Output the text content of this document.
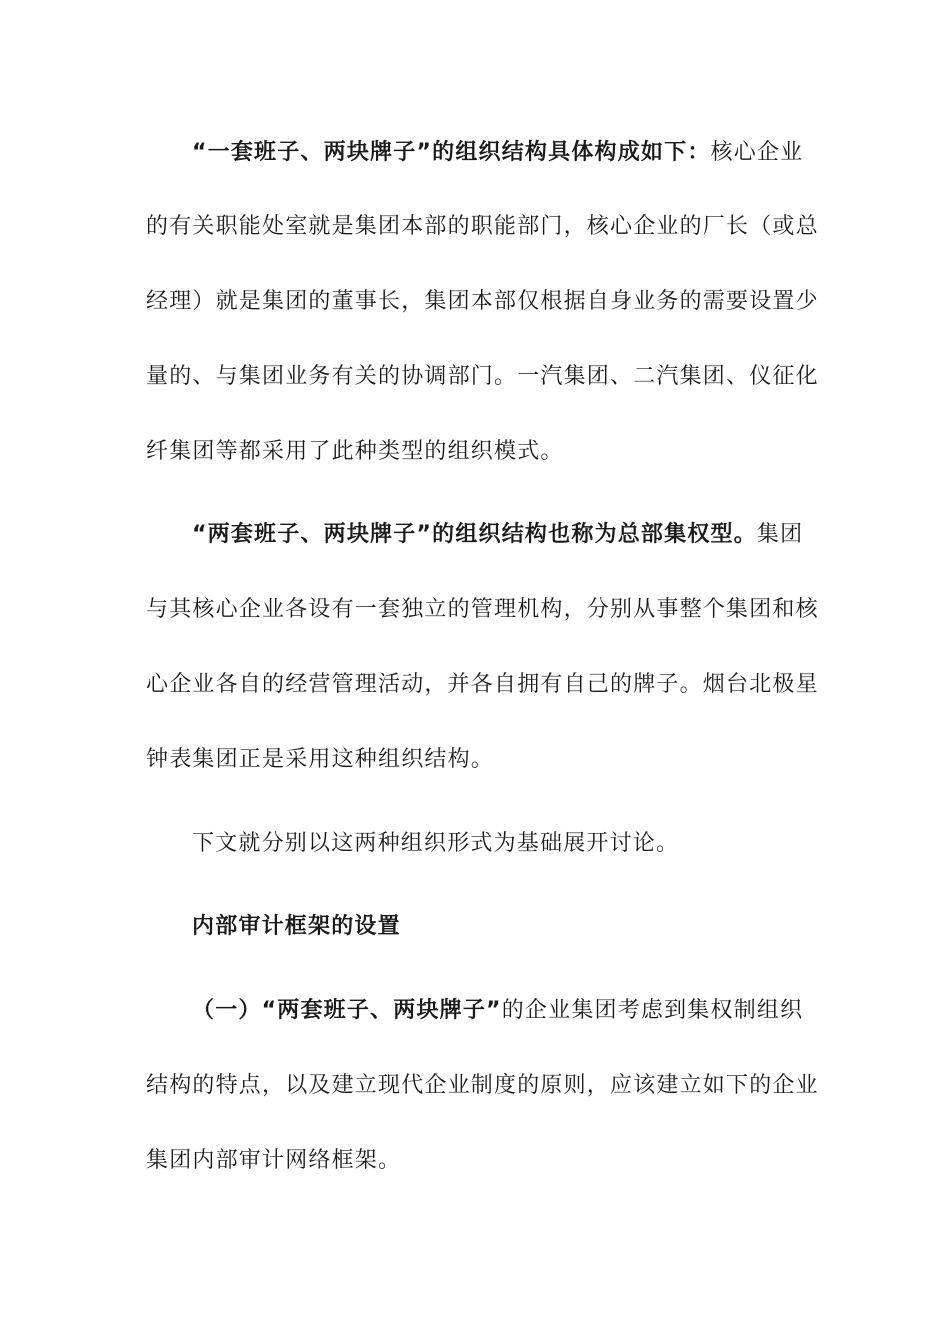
“一套班子、两块牌子”的组织结构具体构成如下：核心企业
的有关职能处室就是集团本部的职能部门，核心企业的厂长（或总
经理）就是集团的董事长，集团本部仅根据自身业务的需要设置少
量的、与集团业务有关的协调部门。一汽集团、二汽集团、仪征化
纤集团等都采用了此种类型的组织模式。
“两套班子、两块牌子”的组织结构也称为总部集权型。集团
与其核心企业各设有一套独立的管理机构，分别从事整个集团和核
心企业各自的经营管理活动，并各自拥有自己的牌子。烟台北极星
钟表集团正是采用这种组织结构。
下文就分别以这两种组织形式为基础展开讨论。
内部审计框架的设置
（一）“两套班子、两块牌子”的企业集团考虑到集权制组织
结构的特点，以及建立现代企业制度的原则，应该建立如下的企业
集团内部审计网络框架。
